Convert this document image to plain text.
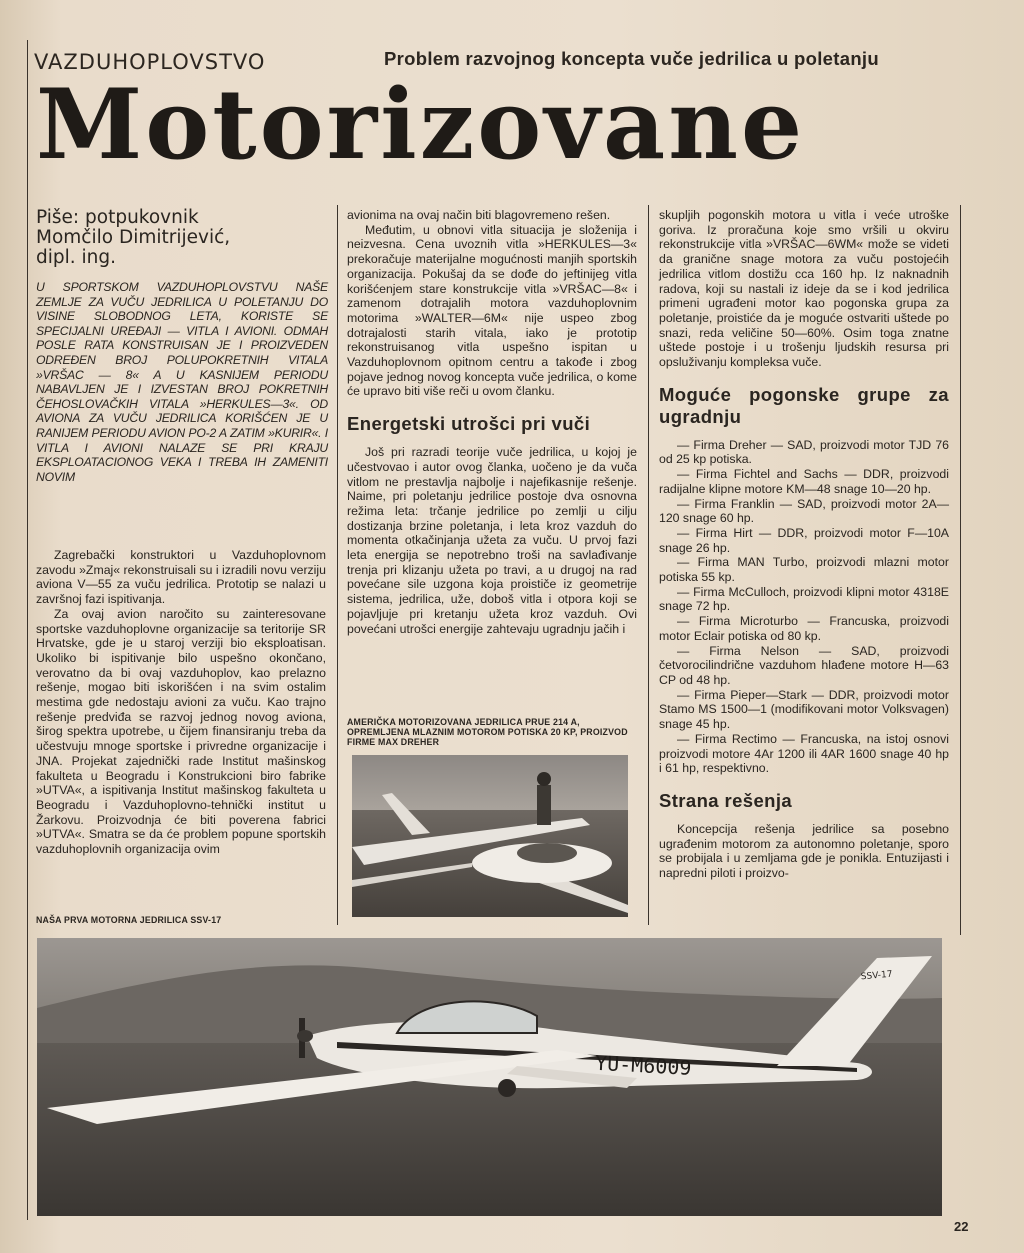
VAZDUHOPLOVSTVO	Problem razvojnog koncepta vuče jedrilica u poletanju
Motorizovane
Piše: potpukovnik
Momčilo Dimitrijević,
dipl. ing.
U SPORTSKOM VAZDUHOPLOVSTVU NAŠE ZEMLJE ZA VUČU JEDRILICA U POLETANJU DO VISINE SLOBODNOG LETA, KORISTE SE SPECIJALNI UREĐAJI — VITLA I AVIONI. ODMAH POSLE RATA KONSTRUISAN JE I PROIZVEDEN ODREĐEN BROJ POLUPOKRETNIH VITALA »VRŠAC — 8« A U KASNIJEM PERIODU NABAVLJEN JE I IZVESTAN BROJ POKRETNIH ČEHOSLOVAČKIH VITALA »HERKULES—3«. OD AVIONA ZA VUČU JEDRILICA KORIŠĆEN JE U RANIJEM PERIODU AVION PO-2 A ZATIM »KURIR«. I VITLA I AVIONI NALAZE SE PRI KRAJU EKSPLOATACIONOG VEKA I TREBA IH ZAMENITI NOVIM

Zagrebački konstruktori u Vazduhoplovnom zavodu »Zmaj« rekonstruisali su i izradili novu verziju aviona V—55 za vuču jedrilica. Prototip se nalazi u završnoj fazi ispitivanja.

Za ovaj avion naročito su zainteresovane sportske vazduhoplovne organizacije sa teritorije SR Hrvatske, gde je u staroj verziji bio eksploatisan. Ukoliko bi ispitivanje bilo uspešno okončano, verovatno da bi ovaj vazduhoplov, kao prelazno rešenje, mogao biti iskorišćen i na svim ostalim mestima gde nedostaju avioni za vuču. Kao trajno rešenje predviđa se razvoj jednog novog aviona, širog spektra upotrebe, u čijem finansiranju treba da učestvuju mnoge sportske i privredne organizacije i JNA. Projekat zajednički rade Institut mašinskog fakulteta u Beogradu i Konstrukcioni biro fabrike »UTVA«, a ispitivanja Institut mašinskog fakulteta u Beogradu i Vazduhoplovno-tehnički institut u Žarkovu. Proizvodnja će biti poverena fabrici »UTVA«. Smatra se da će problem popune sportskih vazduhoplovnih organizacija ovim

NAŠA PRVA MOTORNA JEDRILICA SSV-17

avionima na ovaj način biti blagovremeno rešen.

Međutim, u obnovi vitla situacija je složenija i neizvesna. Cena uvoznih vitla »HERKULES—3« prekoračuje materijalne mogućnosti manjih sportskih organizacija. Pokušaj da se dođe do jeftinijeg vitla korišćenjem stare konstrukcije vitla »VRŠAC—8« i zamenom dotrajalih motora vazduhoplovnim motorima »WALTER—6M« nije uspeo zbog dotrajalosti starih vitala, iako je prototip rekonstruisanog vitla uspešno ispitan u Vazduhoplovnom opitnom centru a takođe i zbog pojave jednog novog koncepta vuče jedrilica, o kome će upravo biti više reči u ovom članku.

Energetski utrošci pri vuči

Još pri razradi teorije vuče jedrilica, u kojoj je učestvovao i autor ovog članka, uočeno je da vuča vitlom ne prestavlja najbolje i najefikasnije rešenje. Naime, pri poletanju jedrilice postoje dva osnovna režima leta: trčanje jedrilice po zemlji u cilju dostizanja brzine poletanja, i leta kroz vazduh do momenta otkačinjanja užeta za vuču. U prvoj fazi leta energija se nepotrebno troši na savlađivanje trenja pri klizanju užeta po travi, a u drugoj na rad povećane sile uzgona koja proističe iz geometrije sistema, jedrilica, uže, doboš vitla i otpora koji se pojavljuje pri kretanju užeta kroz vazduh. Ovi povećani utrošci energije zahtevaju ugradnju jačih i

AMERIČKA MOTORIZOVANA JEDRILICA PRUE 214 A, OPREMLJENA MLAZNIM MOTOROM POTISKA 20 KP, PROIZVOD FIRME MAX DREHER

skupljih pogonskih motora u vitla i veće utroške goriva. Iz proračuna koje smo vršili u okviru rekonstrukcije vitla »VRŠAC—6WM« može se videti da granične snage motora za vuču postojećih jedrilica vitlom dostižu cca 160 hp. Iz naknadnih radova, koji su nastali iz ideje da se i kod jedrilica primeni ugrađeni motor kao pogonska grupa za poletanje, proistiće da je moguće ostvariti uštede po snazi, reda veličine 50—60%. Osim toga znatne uštede postoje i u trošenju ljudskih resursa pri opsluživanju kompleksa vuče.

Moguće pogonske grupe za ugradnju

— Firma Dreher — SAD, proizvodi motor TJD 76 od 25 kp potiska.

— Firma Fichtel and Sachs — DDR, proizvodi radijalne klipne motore KM—48 snage 10—20 hp.

— Firma Franklin — SAD, proizvodi motor 2A—120 snage 60 hp.

— Firma Hirt — DDR, proizvodi motor F—10A snage 26 hp.

— Firma MAN Turbo, proizvodi mlazni motor potiska 55 kp.

— Firma McCulloch, proizvodi klipni motor 4318E snage 72 hp.

— Firma Microturbo — Francuska, proizvodi motor Eclair potiska od 80 kp.

— Firma Nelson — SAD, proizvodi četvorocilindrične vazduhom hlađene motore H—63 CP od 48 hp.

— Firma Pieper—Stark — DDR, proizvodi motor Stamo MS 1500—1 (modifikovani motor Volksvagen) snage 45 hp.

— Firma Rectimo — Francuska, na istoj osnovi proizvodi motore 4Ar 1200 ili 4AR 1600 snage 40 hp i 61 hp, respektivno.

Strana rešenja

Koncepcija rešenja jedrilice sa posebno ugrađenim motorom za autonomno poletanje, sporo se probijala i u zemljama gde je ponikla. Entuzijasti i napredni piloti i proizvo-

YU-M6009
SSV-17
22
